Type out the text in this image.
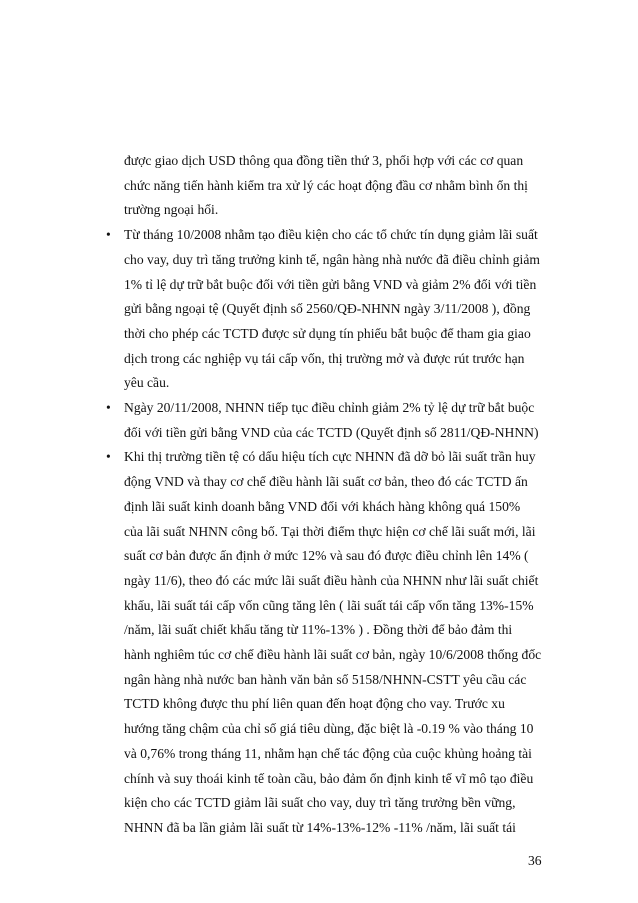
được giao dịch USD thông qua đồng tiền thứ 3, phối hợp với các cơ quan
chức năng tiến hành kiểm tra xử lý các hoạt động đầu cơ nhằm bình ổn thị
trường ngoại hối.
• Từ tháng 10/2008 nhằm tạo điều kiện cho các tổ chức tín dụng giảm lãi suất
cho vay, duy trì tăng trưởng kinh tế, ngân hàng nhà nước đã điều chỉnh giảm
1% tỉ lệ dự trữ bắt buộc đối với tiền gửi bằng VND và giảm 2% đối với tiền
gửi bằng ngoại tệ (Quyết định số 2560/QĐ-NHNN ngày 3/11/2008 ), đồng
thời cho phép các TCTD được sử dụng tín phiếu bắt buộc để tham gia giao
dịch trong các nghiệp vụ tái cấp vốn, thị trường mở và được rút trước hạn
yêu cầu.
• Ngày 20/11/2008, NHNN tiếp tục điều chỉnh giảm 2% tỷ lệ dự trữ bắt buộc
đối với tiền gửi bằng VND của các TCTD (Quyết định số 2811/QĐ-NHNN)
• Khi thị trường tiền tệ có dấu hiệu tích cực NHNN đã dỡ bỏ lãi suất trần huy
động VND và thay cơ chế điều hành lãi suất cơ bản, theo đó các TCTD ấn
định lãi suất kinh doanh bằng VND đối với khách hàng không quá 150%
của lãi suất NHNN công bố. Tại thời điểm thực hiện cơ chế lãi suất mới, lãi
suất cơ bản được ấn định ở mức 12% và sau đó được điều chỉnh lên 14% (
ngày 11/6), theo đó các mức lãi suất điều hành của NHNN như lãi suất chiết
khấu, lãi suất tái cấp vốn cũng tăng lên ( lãi suất tái cấp vốn tăng 13%-15%
/năm, lãi suất chiết khấu tăng từ 11%-13% ) . Đồng thời để bảo đảm thi
hành nghiêm túc cơ chế điều hành lãi suất cơ bản, ngày 10/6/2008 thống đốc
ngân hàng nhà nước ban hành văn bản số 5158/NHNN-CSTT yêu cầu các
TCTD không được thu phí liên quan đến hoạt động cho vay. Trước xu
hướng tăng chậm của chỉ số giá tiêu dùng, đặc biệt là -0.19 % vào tháng 10
và 0,76% trong tháng 11, nhằm hạn chế tác động của cuộc khủng hoảng tài
chính và suy thoái kinh tế toàn cầu, bảo đảm ổn định kinh tế vĩ mô tạo điều
kiện cho các TCTD giảm lãi suất cho vay, duy trì tăng trưởng bền vững,
NHNN đã ba lần giảm lãi suất từ 14%-13%-12% -11% /năm, lãi suất tái
36
